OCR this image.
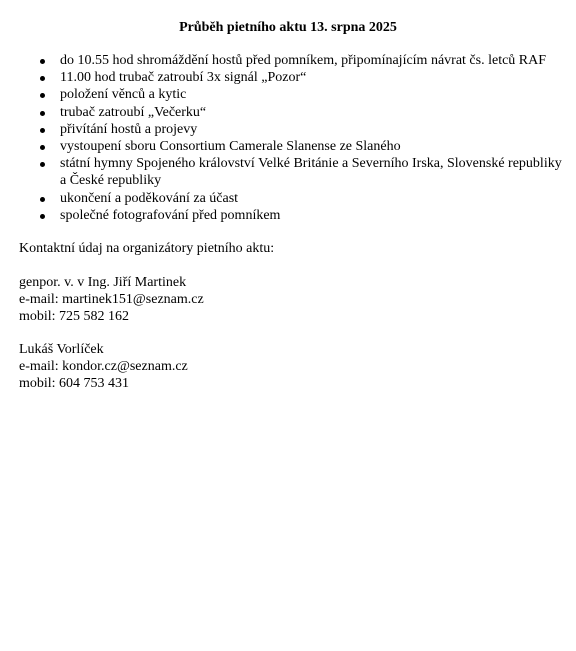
Průběh pietního aktu 13. srpna 2025
do 10.55 hod shromáždění hostů před pomníkem, připomínajícím návrat čs. letců RAF
11.00 hod trubač zatroubí 3x signál „Pozor“
položení věnců a kytic
trubač zatroubí „Večerku“
přivítání hostů a projevy
vystoupení sboru Consortium Camerale Slanense ze Slaného
státní hymny Spojeného království Velké Británie a Severního Irska, Slovenské republiky a České republiky
ukončení a poděkování za účast
společné fotografování před pomníkem

Kontaktní údaj na organizátory pietního aktu:

genpor. v. v Ing. Jiří Martinek
e-mail: martinek151@seznam.cz
mobil: 725 582 162
Lukáš Vorlíček
e-mail: kondor.cz@seznam.cz
mobil: 604 753 431
